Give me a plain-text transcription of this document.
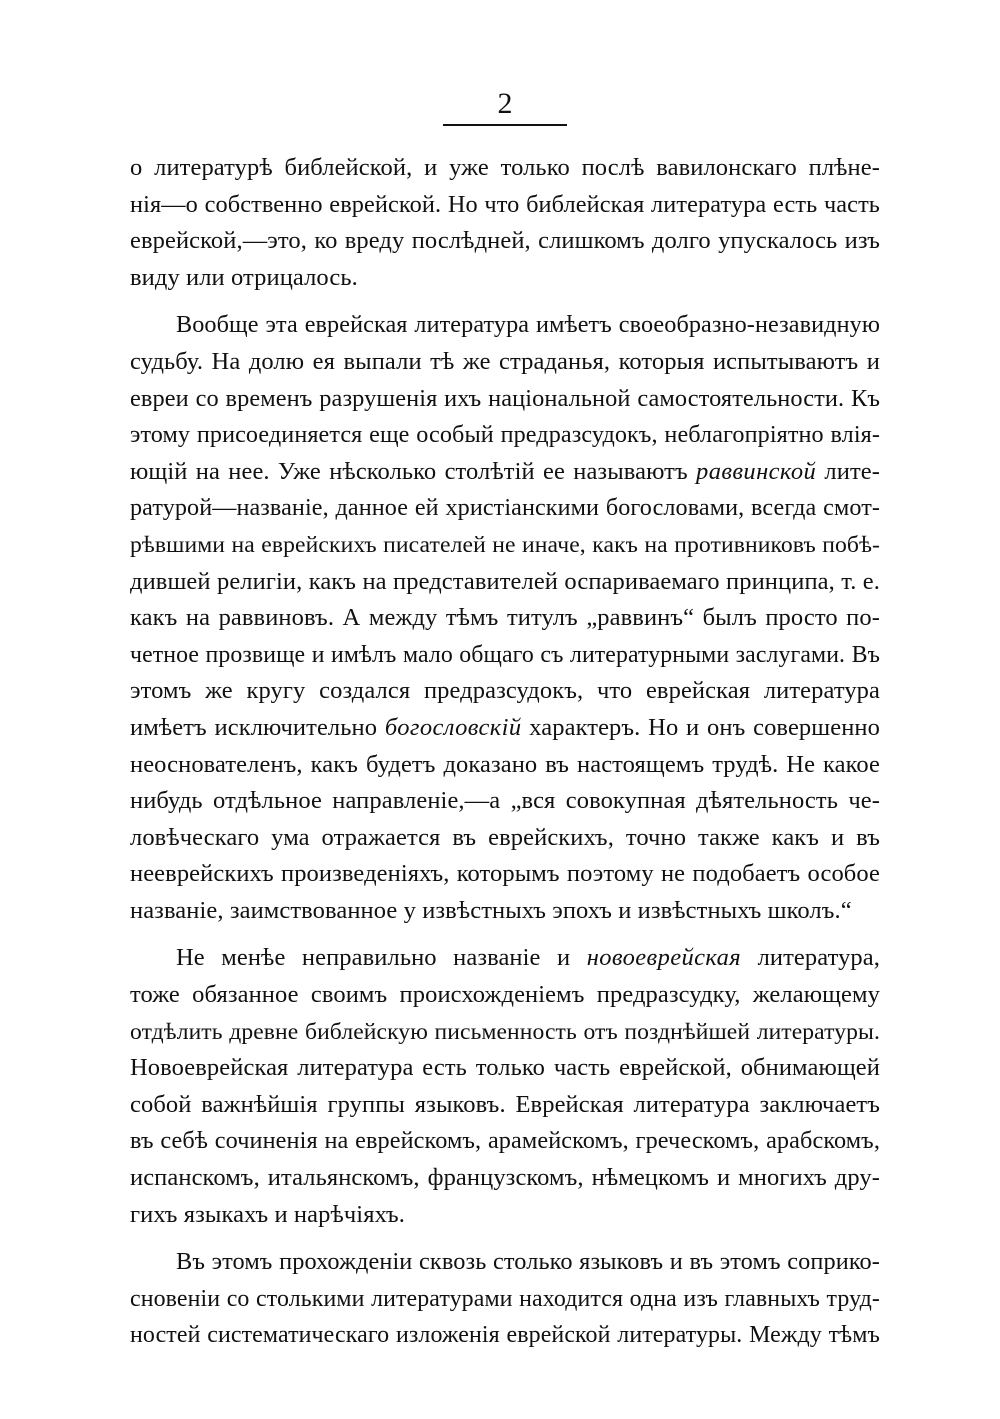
2
о литературѣ библейской, и уже только послѣ вавилонскаго плѣне-
нія—о собственно еврейской. Но что библейская литература есть часть
еврейской,—это, ко вреду послѣдней, слишкомъ долго упускалось изъ
виду или отрицалось.
Вообще эта еврейская литература имѣетъ своеобразно-незавидную
судьбу. На долю ея выпали тѣ же страданья, которыя испытываютъ и
евреи со временъ разрушенія ихъ національной самостоятельности. Къ
этому присоединяется еще особый предразсудокъ, неблагопріятно влія-
ющій на нее. Уже нѣсколько столѣтій ее называютъ раввинской лите-
ратурой—названіе, данное ей христіанскими богословами, всегда смот-
рѣвшими на еврейскихъ писателей не иначе, какъ на противниковъ побѣ-
дившей религіи, какъ на представителей оспариваемаго принципа, т. е.
какъ на раввиновъ. А между тѣмъ титулъ „раввинъ“ былъ просто по-
четное прозвище и имѣлъ мало общаго съ литературными заслугами. Въ
этомъ же кругу создался предразсудокъ, что еврейская литература
имѣетъ исключительно богословскій характеръ. Но и онъ совершенно
неоснователенъ, какъ будетъ доказано въ настоящемъ трудѣ. Не какое
нибудь отдѣльное направленіе,—а „вся совокупная дѣятельность че-
ловѣческаго ума отражается въ еврейскихъ, точно также какъ и въ
нееврейскихъ произведеніяхъ, которымъ поэтому не подобаетъ особое
названіе, заимствованное у извѣстныхъ эпохъ и извѣстныхъ школъ.“
Не менѣе неправильно названіе и новоеврейская литература,
тоже обязанное своимъ происхожденіемъ предразсудку, желающему
отдѣлить древне библейскую письменность отъ позднѣйшей литературы.
Новоеврейская литература есть только часть еврейской, обнимающей
собой важнѣйшія группы языковъ. Еврейская литература заключаетъ
въ себѣ сочиненія на еврейскомъ, арамейскомъ, греческомъ, арабскомъ,
испанскомъ, итальянскомъ, французскомъ, нѣмецкомъ и многихъ дру-
гихъ языкахъ и нарѣчіяхъ.
Въ этомъ прохожденіи сквозь столько языковъ и въ этомъ соприко-
сновеніи со столькими литературами находится одна изъ главныхъ труд-
ностей систематическаго изложенія еврейской литературы. Между тѣмъ
